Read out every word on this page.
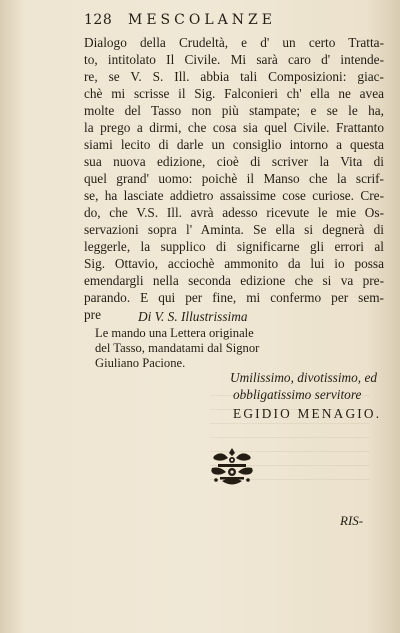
128 MESCOLANZE

Dialogo della Crudeltà, e d' un certo Tratta-

to, intitolato Il Civile. Mi sarà caro d' intende-

re, se V. S. Ill. abbia tali Composizioni: giac-

chè mi scrisse il Sig. Falconieri ch' ella ne avea

molte del Tasso non più stampate; e se le ha,

la prego a dirmi, che cosa sia quel Civile. Frattanto

siami lecito di darle un consiglio intorno a questa

sua nuova edizione, cioè di scriver la Vita di

quel grand' uomo: poichè il Manso che la scrif-

se, ha lasciate addietro assaissime cose curiose. Cre-

do, che V.S. Ill. avrà adesso ricevute le mie Os-

servazioni sopra l' Aminta. Se ella si degnerà di

leggerle, la supplico di significarne gli errori al

Sig. Ottavio, acciochè ammonito da lui io possa

emendargli nella seconda edizione che si va pre-

parando. E qui per fine, mi confermo per sem-

pre	Di V. S. Illustrissima
Le mando una Lettera originale
del Tasso, mandatami dal Signor
Giuliano Pacione.
Umilissimo, divotissimo, ed
obbligatissimo servitore
EGIDIO MENAGIO.
RIS-
